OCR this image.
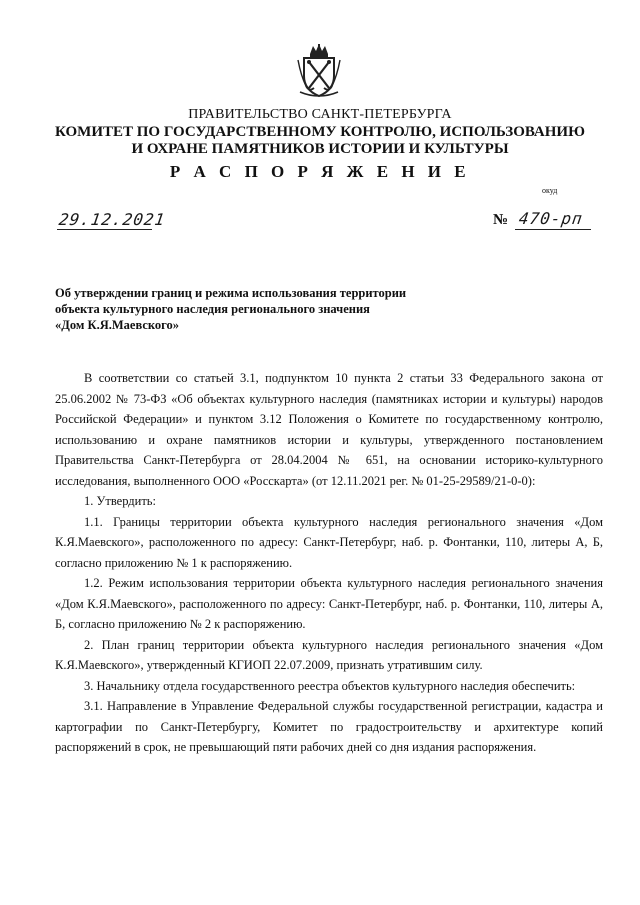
ПРАВИТЕЛЬСТВО САНКТ-ПЕТЕРБУРГА
КОМИТЕТ ПО ГОСУДАРСТВЕННОМУ КОНТРОЛЮ, ИСПОЛЬЗОВАНИЮ
И ОХРАНЕ ПАМЯТНИКОВ ИСТОРИИ И КУЛЬТУРЫ
Р А С П О Р Я Ж Е Н И Е
окуд
29.12.2021	№ 470-рп
Об утверждении границ и режима использования территории
объекта культурного наследия регионального значения
«Дом К.Я.Маевского»

В соответствии со статьей 3.1, подпунктом 10 пункта 2 статьи 33 Федерального закона от 25.06.2002 № 73-ФЗ «Об объектах культурного наследия (памятниках истории и культуры) народов Российской Федерации» и пунктом 3.12 Положения о Комитете по государственному контролю, использованию и охране памятников истории и культуры, утвержденного постановлением Правительства Санкт-Петербурга от 28.04.2004 № 651, на основании историко-культурного исследования, выполненного ООО «Росскарта» (от 12.11.2021 рег. № 01-25-29589/21-0-0):

1. Утвердить:

1.1. Границы территории объекта культурного наследия регионального значения «Дом К.Я.Маевского», расположенного по адресу: Санкт-Петербург, наб. р. Фонтанки, 110, литеры А, Б, согласно приложению № 1 к распоряжению.

1.2. Режим использования территории объекта культурного наследия регионального значения «Дом К.Я.Маевского», расположенного по адресу: Санкт-Петербург, наб. р. Фонтанки, 110, литеры А, Б, согласно приложению № 2 к распоряжению.

2. План границ территории объекта культурного наследия регионального значения «Дом К.Я.Маевского», утвержденный КГИОП 22.07.2009, признать утратившим силу.

3. Начальнику отдела государственного реестра объектов культурного наследия обеспечить:

3.1. Направление в Управление Федеральной службы государственной регистрации, кадастра и картографии по Санкт-Петербургу, Комитет по градостроительству и архитектуре копий распоряжений в срок, не превышающий пяти рабочих дней со дня издания распоряжения.
